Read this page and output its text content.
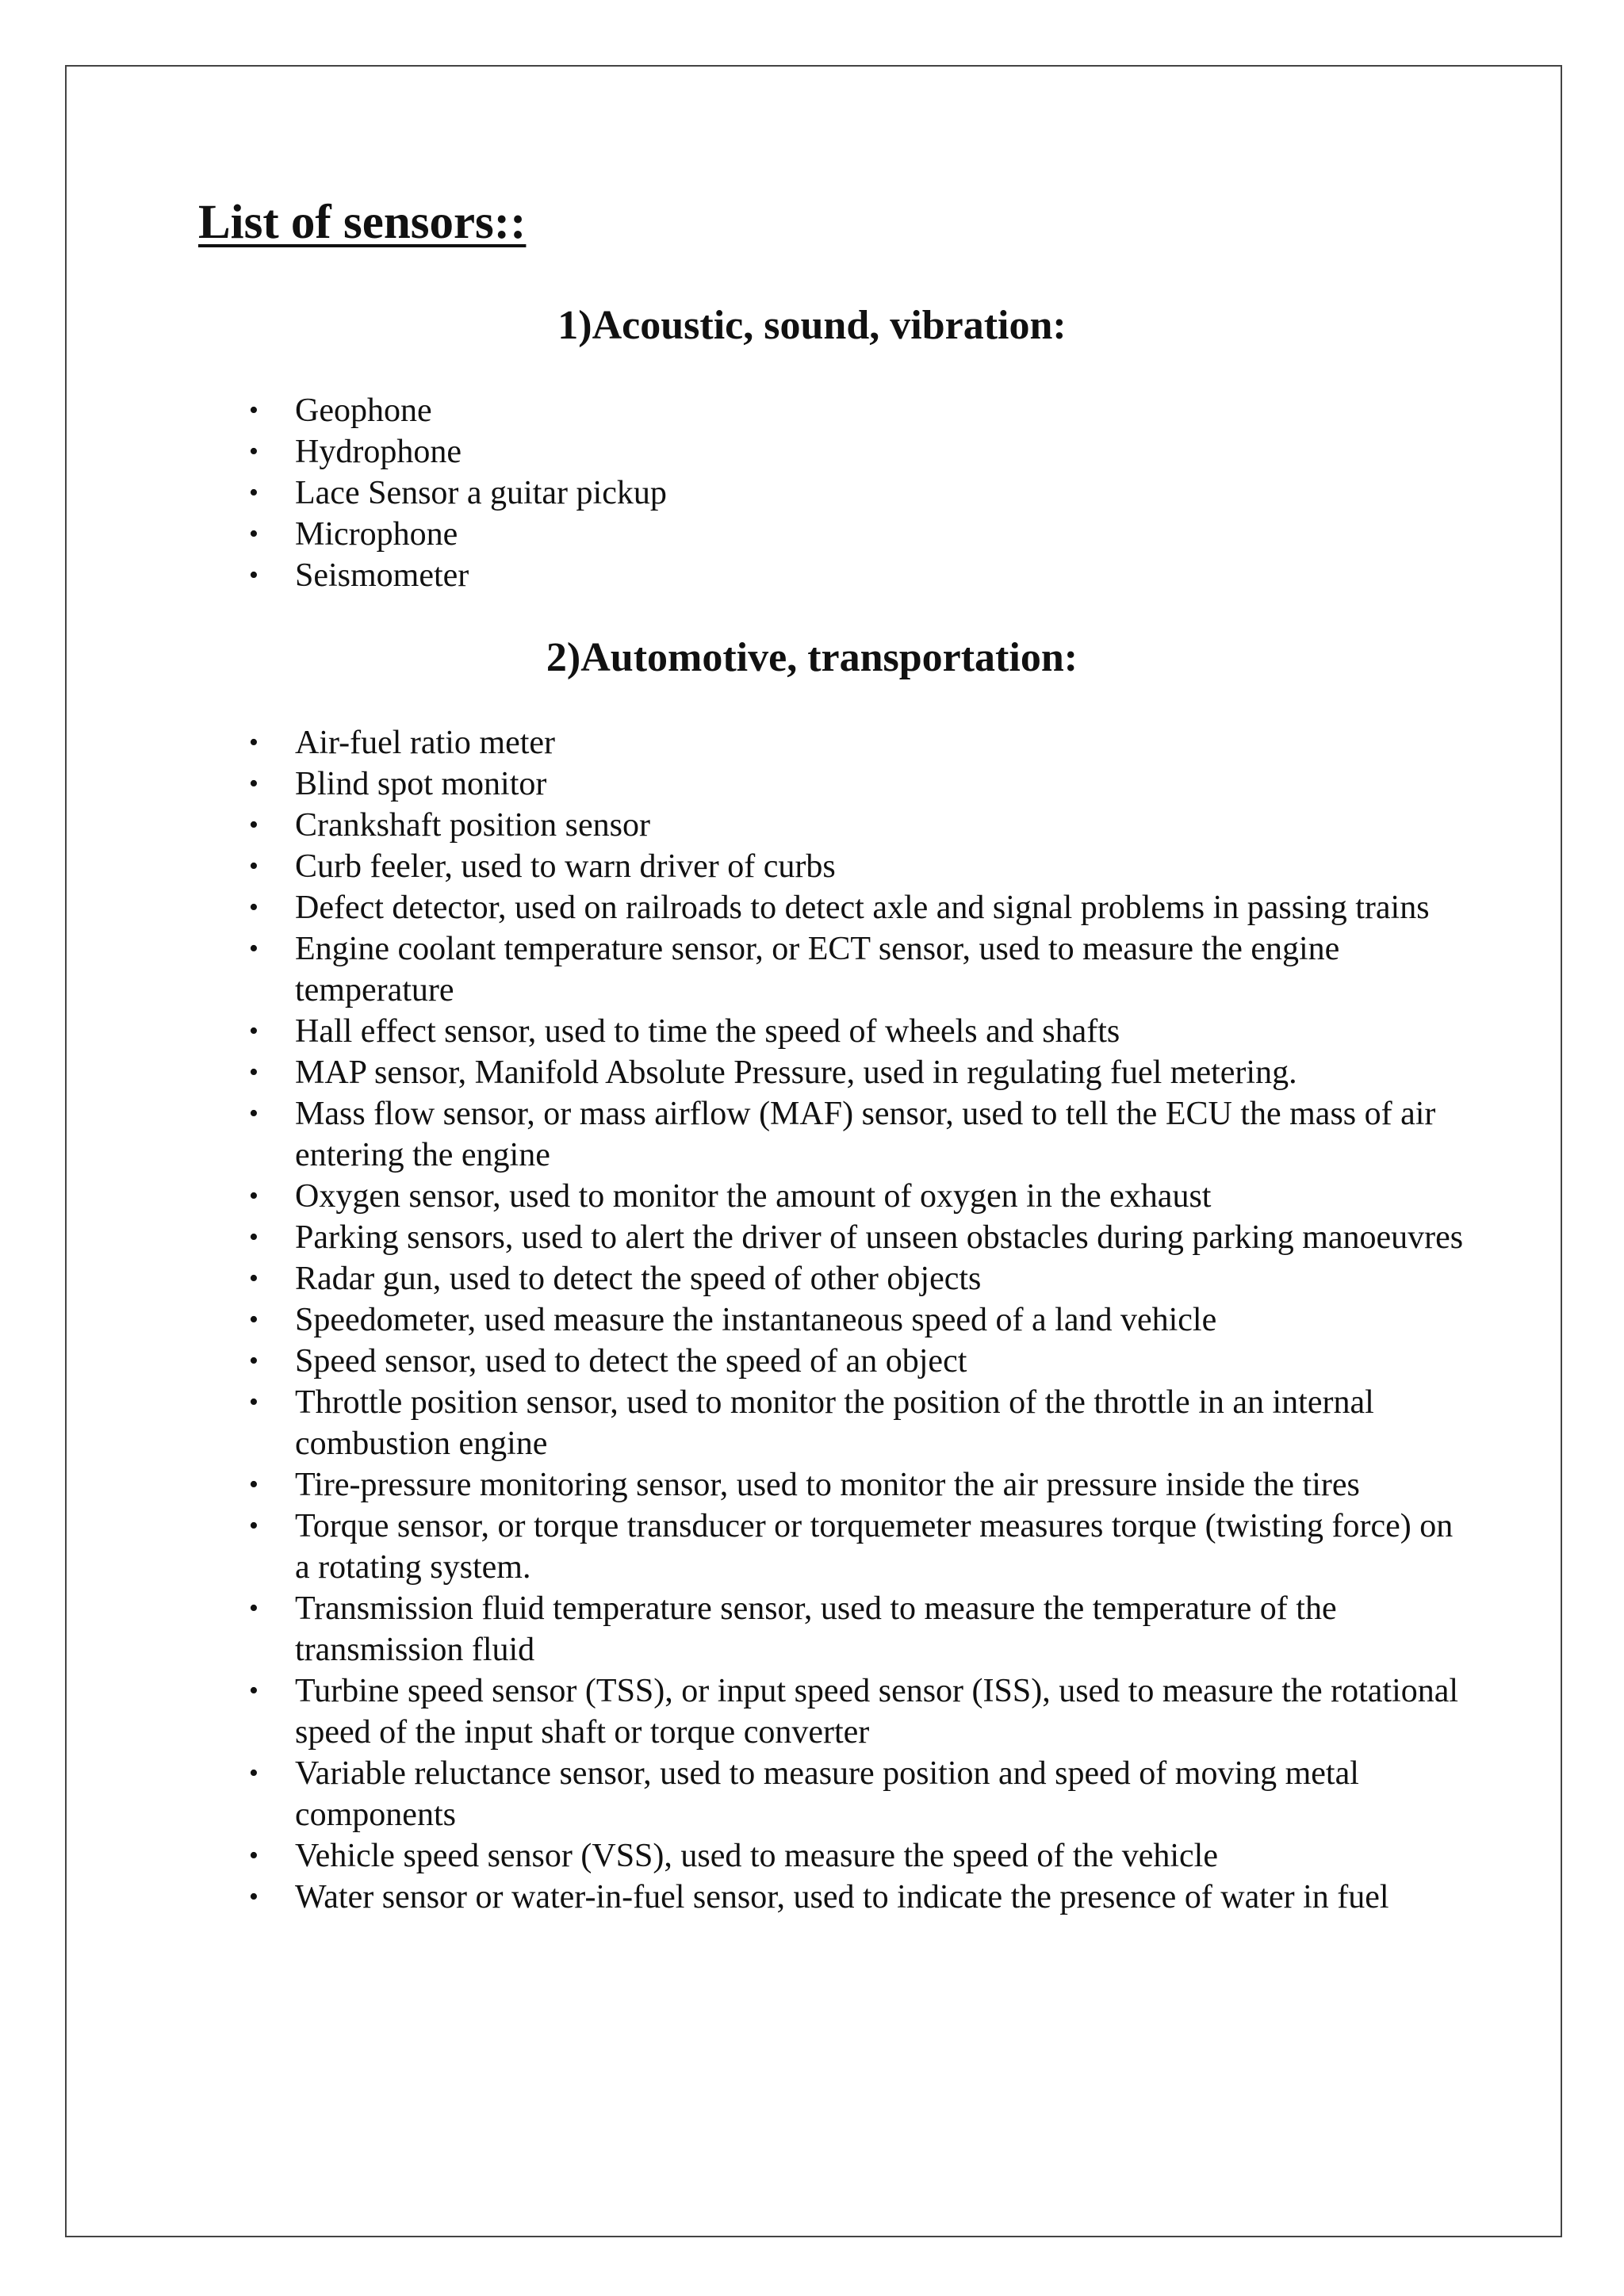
List of sensors::
1)Acoustic, sound, vibration:
• Geophone
• Hydrophone
• Lace Sensor a guitar pickup
• Microphone
• Seismometer
2)Automotive, transportation:
• Air-fuel ratio meter
• Blind spot monitor
• Crankshaft position sensor
• Curb feeler, used to warn driver of curbs
• Defect detector, used on railroads to detect axle and signal problems in passing trains
• Engine coolant temperature sensor, or ECT sensor, used to measure the engine temperature
• Hall effect sensor, used to time the speed of wheels and shafts
• MAP sensor, Manifold Absolute Pressure, used in regulating fuel metering.
• Mass flow sensor, or mass airflow (MAF) sensor, used to tell the ECU the mass of air entering the engine
• Oxygen sensor, used to monitor the amount of oxygen in the exhaust
• Parking sensors, used to alert the driver of unseen obstacles during parking manoeuvres
• Radar gun, used to detect the speed of other objects
• Speedometer, used measure the instantaneous speed of a land vehicle
• Speed sensor, used to detect the speed of an object
• Throttle position sensor, used to monitor the position of the throttle in an internal combustion engine
• Tire-pressure monitoring sensor, used to monitor the air pressure inside the tires
• Torque sensor, or torque transducer or torquemeter measures torque (twisting force) on a rotating system.
• Transmission fluid temperature sensor, used to measure the temperature of the transmission fluid
• Turbine speed sensor (TSS), or input speed sensor (ISS), used to measure the rotational speed of the input shaft or torque converter
• Variable reluctance sensor, used to measure position and speed of moving metal components
• Vehicle speed sensor (VSS), used to measure the speed of the vehicle
• Water sensor or water-in-fuel sensor, used to indicate the presence of water in fuel
